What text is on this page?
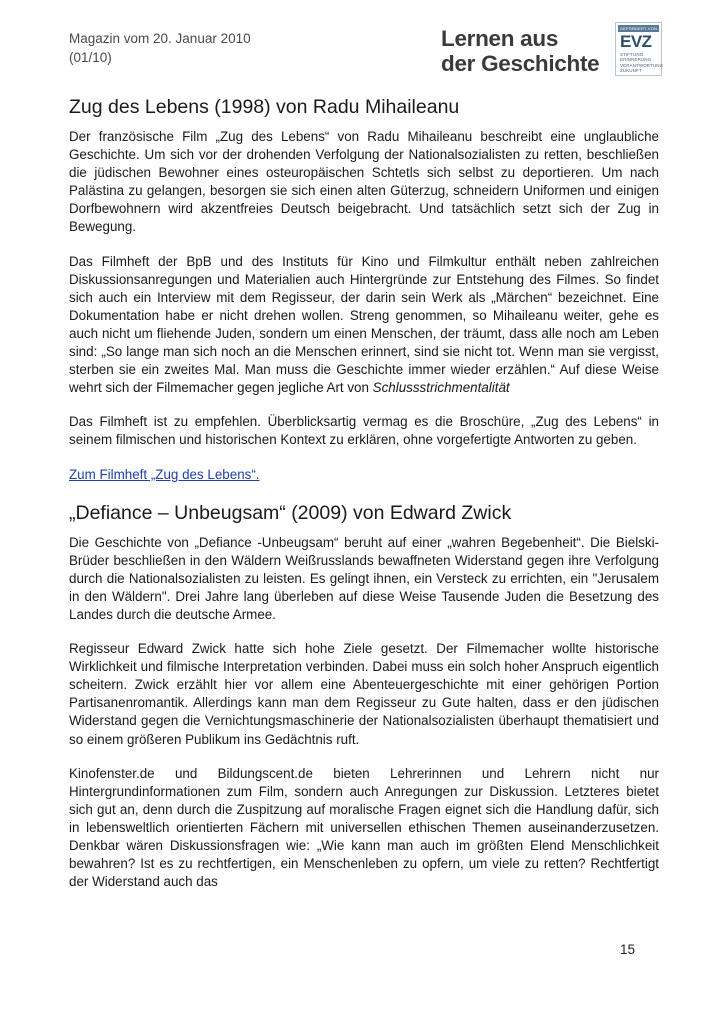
Magazin vom 20. Januar 2010
(01/10)
Lernen aus
der Geschichte
GEFÖRDERT VON
EVZ
STIFTUNG
ERINNERUNG
VERANTWORTUNG
ZUKUNFT
Zug des Lebens (1998) von Radu Mihaileanu

Der französische Film „Zug des Lebens“ von Radu Mihaileanu beschreibt eine unglaubliche Geschichte. Um sich vor der drohenden Verfolgung der Nationalsozialisten zu retten, beschließen die jüdischen Bewohner eines osteuropäischen Schtetls sich selbst zu deportieren. Um nach Palästina zu gelangen, besorgen sie sich einen alten Güterzug, schneidern Uniformen und einigen Dorfbewohnern wird akzentfreies Deutsch beigebracht. Und tatsächlich setzt sich der Zug in Bewegung.

Das Filmheft der BpB und des Instituts für Kino und Filmkultur enthält neben zahlreichen Diskussionsanregungen und Materialien auch Hintergründe zur Entstehung des Filmes. So findet sich auch ein Interview mit dem Regisseur, der darin sein Werk als „Märchen“ bezeichnet. Eine Dokumentation habe er nicht drehen wollen. Streng genommen, so Mihaileanu weiter, gehe es auch nicht um fliehende Juden, sondern um einen Menschen, der träumt, dass alle noch am Leben sind: „So lange man sich noch an die Menschen erinnert, sind sie nicht tot. Wenn man sie vergisst, sterben sie ein zweites Mal. Man muss die Geschichte immer wieder erzählen.“ Auf diese Weise wehrt sich der Filmemacher gegen jegliche Art von Schlussstrichmentalität

Das Filmheft ist zu empfehlen. Überblicksartig vermag es die Broschüre, „Zug des Lebens“ in seinem filmischen und historischen Kontext zu erklären, ohne vorgefertigte Antworten zu geben.

Zum Filmheft „Zug des Lebens“.

„Defiance – Unbeugsam“ (2009) von Edward Zwick

Die Geschichte von „Defiance -Unbeugsam“ beruht auf einer „wahren Begebenheit“. Die Bielski-Brüder beschließen in den Wäldern Weißrusslands bewaffneten Widerstand gegen ihre Verfolgung durch die Nationalsozialisten zu leisten. Es gelingt ihnen, ein Versteck zu errichten, ein "Jerusalem in den Wäldern". Drei Jahre lang überleben auf diese Weise Tausende Juden die Besetzung des Landes durch die deutsche Armee.

Regisseur Edward Zwick hatte sich hohe Ziele gesetzt. Der Filmemacher wollte historische Wirklichkeit und filmische Interpretation verbinden. Dabei muss ein solch hoher Anspruch eigentlich scheitern. Zwick erzählt hier vor allem eine Abenteuergeschichte mit einer gehörigen Portion Partisanenromantik. Allerdings kann man dem Regisseur zu Gute halten, dass er den jüdischen Widerstand gegen die Vernichtungsmaschinerie der Nationalsozialisten überhaupt thematisiert und so einem größeren Publikum ins Gedächtnis ruft.

Kinofenster.de und Bildungscent.de bieten Lehrerinnen und Lehrern nicht nur Hintergrundinformationen zum Film, sondern auch Anregungen zur Diskussion. Letzteres bietet sich gut an, denn durch die Zuspitzung auf moralische Fragen eignet sich die Handlung dafür, sich in lebensweltlich orientierten Fächern mit universellen ethischen Themen auseinanderzusetzen. Denkbar wären Diskussionsfragen wie: „Wie kann man auch im größten Elend Menschlichkeit bewahren? Ist es zu rechtfertigen, ein Menschenleben zu opfern, um viele zu retten? Rechtfertigt der Widerstand auch das

15
